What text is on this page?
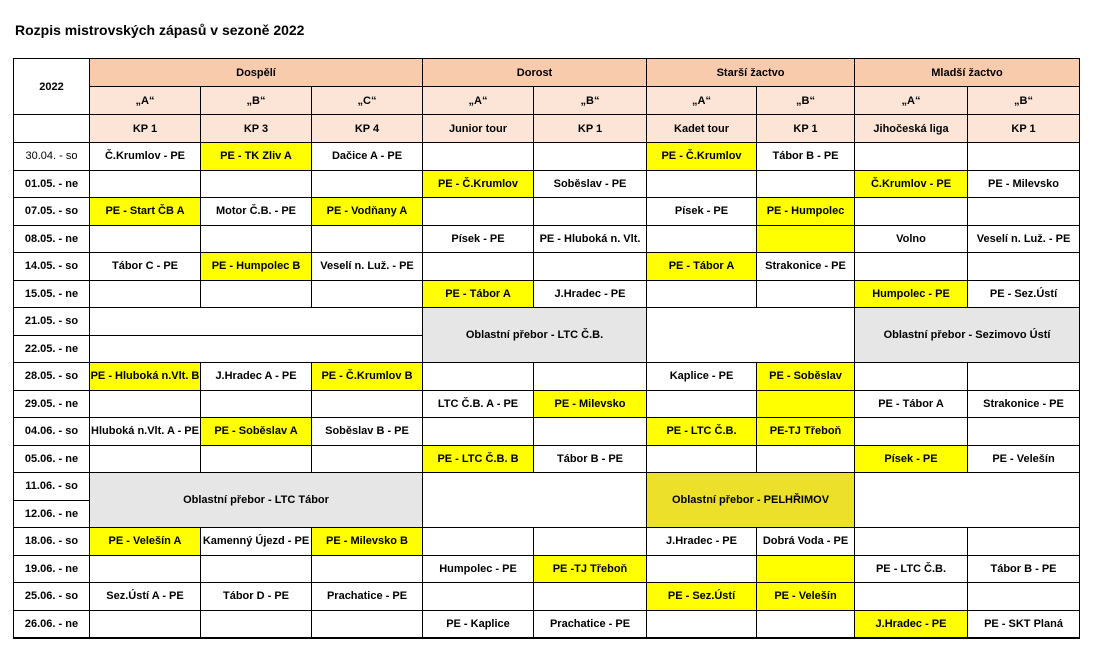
Rozpis mistrovských zápasů v sezoně 2022
2022	Dospělí			Dorost		Starší žactvo		Mladší žactvo	
	„A“	„B“	„C“	„A“	„B“	„A“	„B“	„A“	„B“
	KP 1	KP 3	KP 4	Junior tour	KP 1	Kadet tour	KP 1	Jihočeská liga	KP 1
30.04. - so	Č.Krumlov - PE	PE - TK Zliv A	Dačice A - PE			PE - Č.Krumlov	Tábor B - PE		
01.05. - ne				PE - Č.Krumlov	Soběslav - PE			Č.Krumlov - PE	PE - Milevsko
07.05. - so	PE - Start ČB A	Motor Č.B. - PE	PE - Vodňany A			Písek - PE	PE - Humpolec		
08.05. - ne				Písek - PE	PE - Hluboká n. Vlt.			Volno	Veselí n. Luž. - PE
14.05. - so	Tábor C - PE	PE - Humpolec B	Veselí n. Luž. - PE			PE - Tábor A	Strakonice - PE		
15.05. - ne				PE - Tábor A	J.Hradec - PE			Humpolec - PE	PE - Sez.Ústí
21.05. - so				Oblastní přebor - LTC Č.B.				Oblastní přebor - Sezimovo Ústí	
22.05. - ne									
28.05. - so	PE - Hluboká n.Vlt. B	J.Hradec A - PE	PE - Č.Krumlov B			Kaplice - PE	PE - Soběslav		
29.05. - ne				LTC Č.B. A - PE	PE - Milevsko			PE - Tábor A	Strakonice - PE
04.06. - so	Hluboká n.Vlt. A - PE	PE - Soběslav A	Soběslav B - PE			PE - LTC Č.B.	PE-TJ Třeboň		
05.06. - ne				PE - LTC Č.B. B	Tábor B - PE			Písek - PE	PE - Velešín
11.06. - so	Oblastní přebor - LTC Tábor					Oblastní přebor - PELHŘIMOV			
12.06. - ne									
18.06. - so	PE - Velešín A	Kamenný Újezd - PE	PE - Milevsko B			J.Hradec - PE	Dobrá Voda - PE		
19.06. - ne				Humpolec - PE	PE -TJ Třeboň			PE - LTC Č.B.	Tábor B - PE
25.06. - so	Sez.Ústí A - PE	Tábor D - PE	Prachatice - PE			PE - Sez.Ústí	PE - Velešín		
26.06. - ne				PE - Kaplice	Prachatice - PE			J.Hradec - PE	PE - SKT Planá
